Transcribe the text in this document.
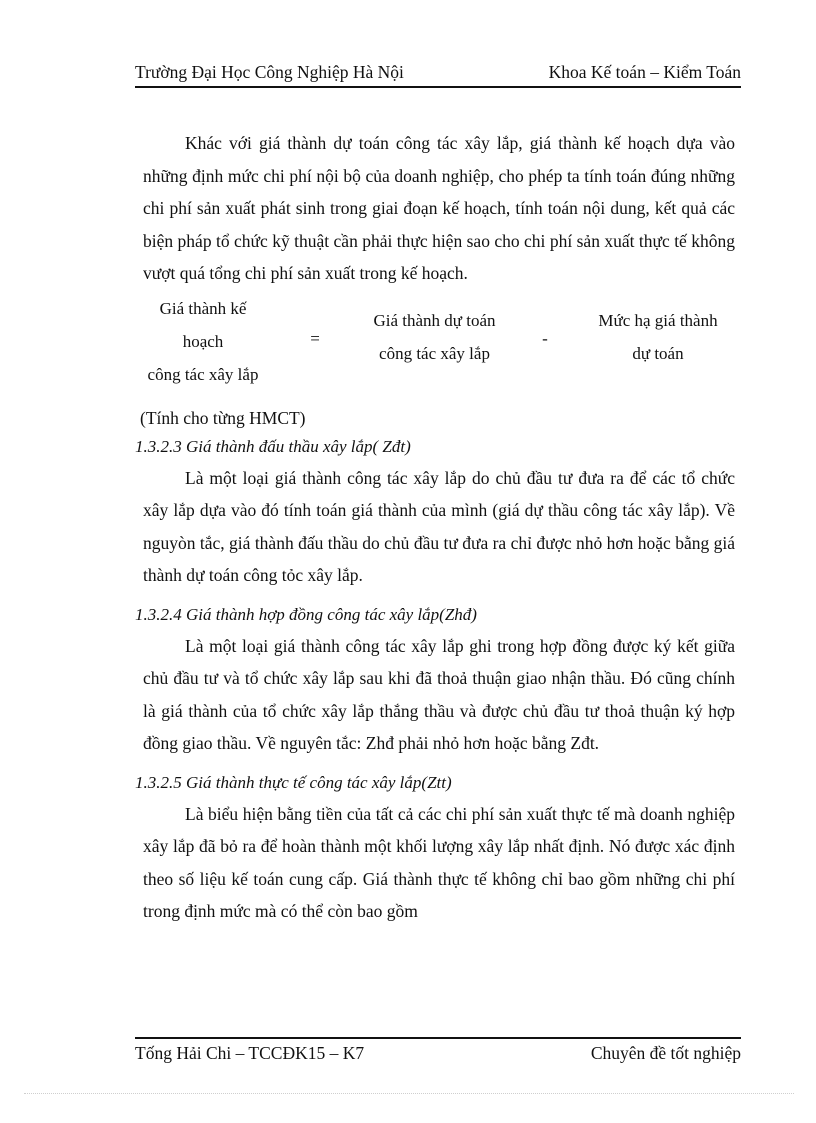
Trường Đại Học Công Nghiệp Hà Nội	Khoa Kế toán – Kiểm Toán

Khác với giá thành dự toán công tác xây lắp, giá thành kế hoạch dựa vào những định mức chi phí nội bộ của doanh nghiệp, cho phép ta tính toán đúng những chi phí sản xuất phát sinh trong giai đoạn kế hoạch, tính toán nội dung, kết quả các biện pháp tổ chức kỹ thuật cần phải thực hiện sao cho chi phí sản xuất thực tế không vượt quá tổng chi phí sản xuất trong kế hoạch.

Giá thành kế
hoạch
công tác xây lắp
=
Giá thành dự toán
công tác xây lắp
-
Mức hạ giá thành
dự toán

(Tính cho từng HMCT)

1.3.2.3 Giá thành đấu thầu xây lắp( Zđt)

Là một loại giá thành công tác xây lắp do chủ đầu tư đưa ra để các tổ chức xây lắp dựa vào đó tính toán giá thành của mình (giá dự thầu công tác xây lắp). Về nguyòn tắc, giá thành đấu thầu do chủ đầu tư đưa ra chỉ được nhỏ hơn hoặc bằng giá thành dự toán công tỏc xây lắp.

1.3.2.4 Giá thành hợp đồng công tác xây lắp(Zhđ)

Là một loại giá thành công tác xây lắp ghi trong hợp đồng được ký kết giữa chủ đầu tư và tổ chức xây lắp sau khi đã thoả thuận giao nhận thầu. Đó cũng chính là giá thành của tổ chức xây lắp thắng thầu và được chủ đầu tư thoả thuận ký hợp đồng giao thầu. Về nguyên tắc: Zhđ phải nhỏ hơn hoặc bằng Zđt.

1.3.2.5 Giá thành thực tế công tác xây lắp(Ztt)

Là biểu hiện bằng tiền của tất cả các chi phí sản xuất thực tế mà doanh nghiệp xây lắp đã bỏ ra để hoàn thành một khối lượng xây lắp nhất định. Nó được xác định theo số liệu kế toán cung cấp. Giá thành thực tế không chỉ bao gồm những chi phí trong định mức mà có thể còn bao gồm

Tống Hải Chi – TCCĐK15 – K7	Chuyên đề tốt nghiệp
